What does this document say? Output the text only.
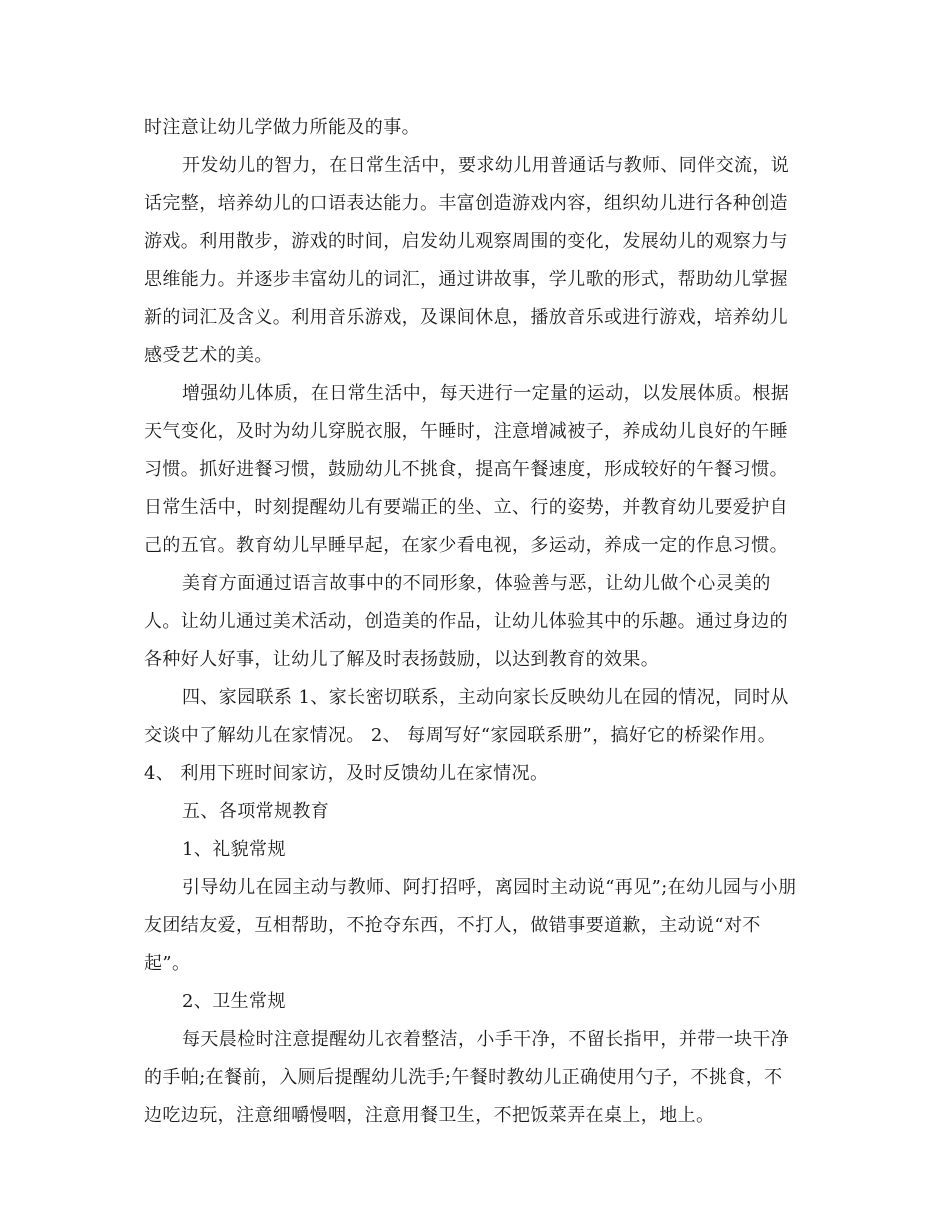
时注意让幼儿学做力所能及的事。
开发幼儿的智力，在日常生活中，要求幼儿用普通话与教师、同伴交流，说
话完整，培养幼儿的口语表达能力。丰富创造游戏内容，组织幼儿进行各种创造
游戏。利用散步，游戏的时间，启发幼儿观察周围的变化，发展幼儿的观察力与
思维能力。并逐步丰富幼儿的词汇，通过讲故事，学儿歌的形式，帮助幼儿掌握
新的词汇及含义。利用音乐游戏，及课间休息，播放音乐或进行游戏，培养幼儿
感受艺术的美。
增强幼儿体质，在日常生活中，每天进行一定量的运动，以发展体质。根据
天气变化，及时为幼儿穿脱衣服，午睡时，注意增减被子，养成幼儿良好的午睡
习惯。抓好进餐习惯，鼓励幼儿不挑食，提高午餐速度，形成较好的午餐习惯。
日常生活中，时刻提醒幼儿有要端正的坐、立、行的姿势，并教育幼儿要爱护自
己的五官。教育幼儿早睡早起，在家少看电视，多运动，养成一定的作息习惯。
美育方面通过语言故事中的不同形象，体验善与恶，让幼儿做个心灵美的
人。让幼儿通过美术活动，创造美的作品，让幼儿体验其中的乐趣。通过身边的
各种好人好事，让幼儿了解及时表扬鼓励，以达到教育的效果。
四、家园联系 1、家长密切联系，主动向家长反映幼儿在园的情况，同时从
交谈中了解幼儿在家情况。 2、 每周写好“家园联系册”，搞好它的桥梁作用。
4、 利用下班时间家访，及时反馈幼儿在家情况。
五、各项常规教育
1、礼貌常规
引导幼儿在园主动与教师、阿打招呼，离园时主动说“再见”;在幼儿园与小朋
友团结友爱，互相帮助，不抢夺东西，不打人，做错事要道歉，主动说“对不
起”。
2、卫生常规
每天晨检时注意提醒幼儿衣着整洁，小手干净，不留长指甲，并带一块干净
的手帕;在餐前，入厕后提醒幼儿洗手;午餐时教幼儿正确使用勺子，不挑食，不
边吃边玩，注意细嚼慢咽，注意用餐卫生，不把饭菜弄在桌上，地上。
